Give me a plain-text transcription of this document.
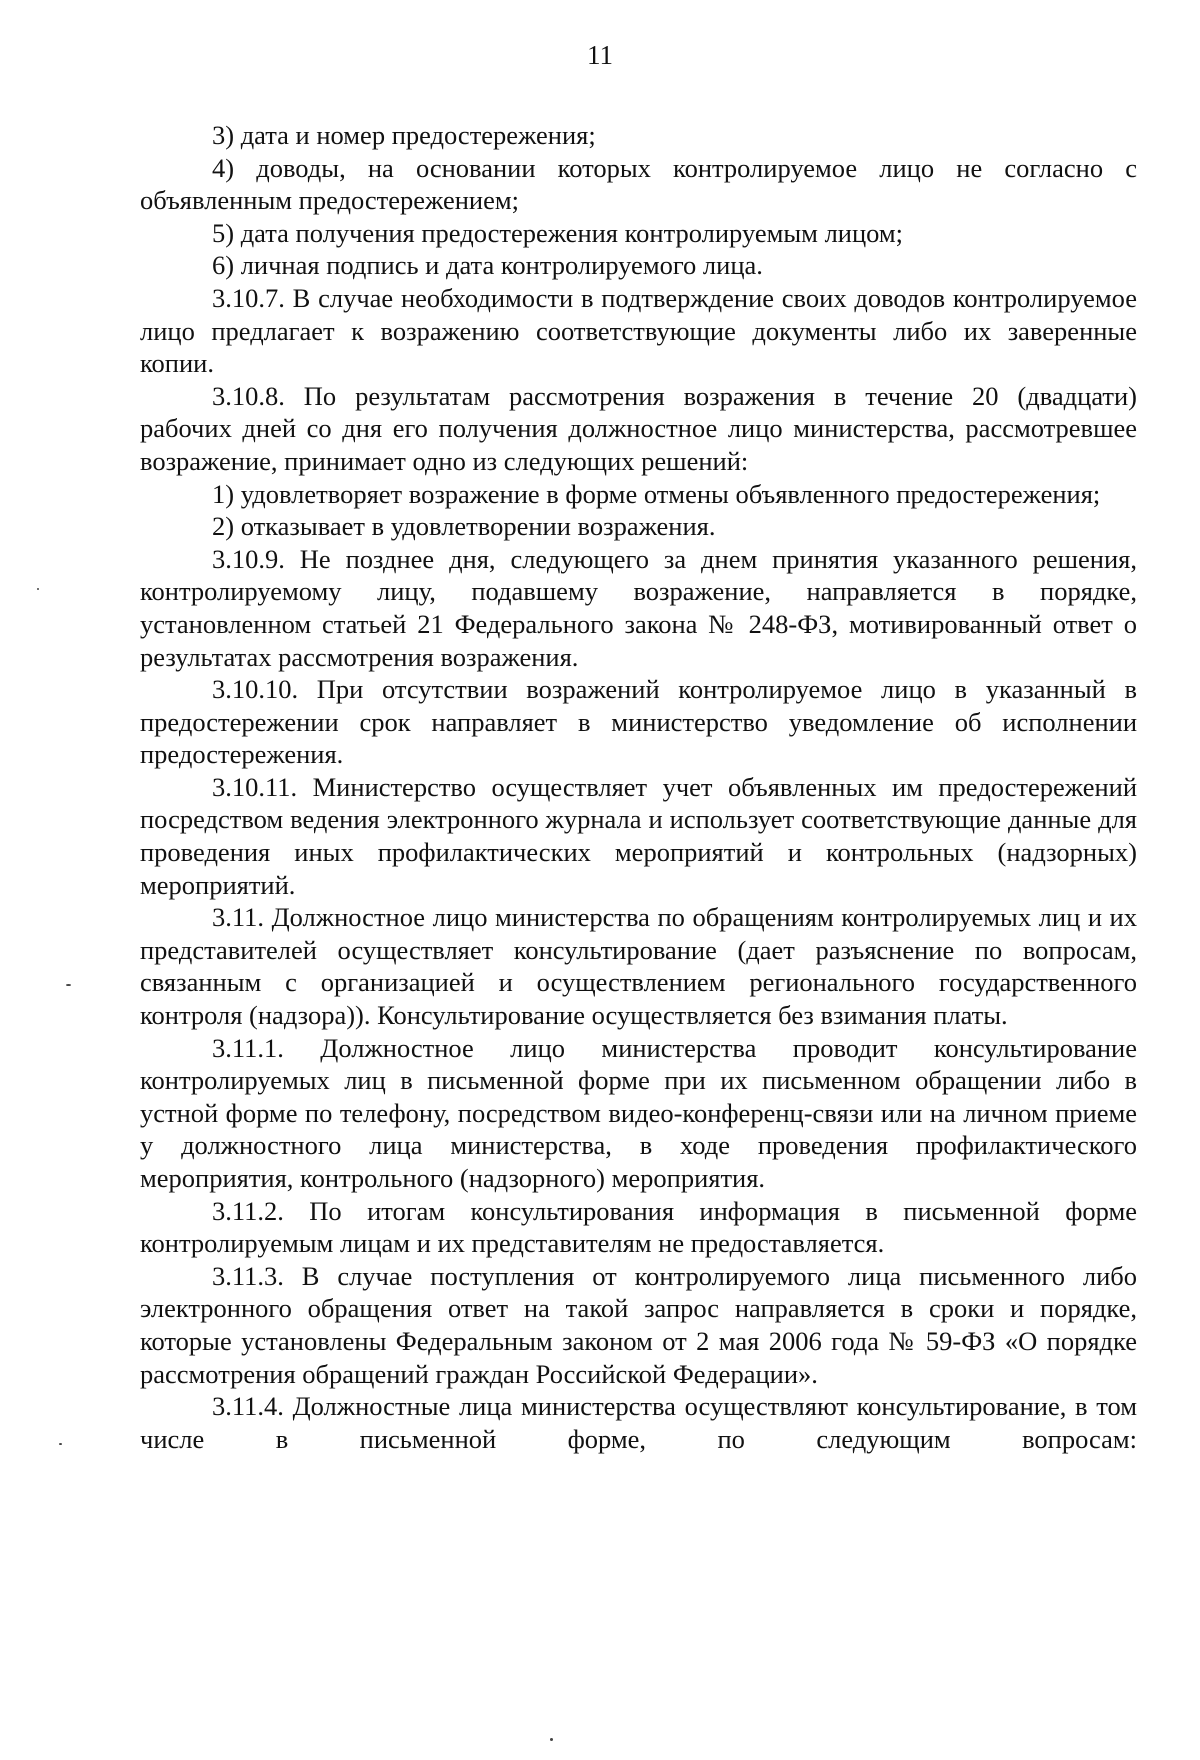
11

3) дата и номер предостережения;

4) доводы, на основании которых контролируемое лицо не согласно с объявленным предостережением;

5) дата получения предостережения контролируемым лицом;

6) личная подпись и дата контролируемого лица.

3.10.7. В случае необходимости в подтверждение своих доводов контролируемое лицо предлагает к возражению соответствующие документы либо их заверенные копии.

3.10.8. По результатам рассмотрения возражения в течение 20 (двадцати) рабочих дней со дня его получения должностное лицо министерства, рассмотревшее возражение, принимает одно из следующих решений:

1) удовлетворяет возражение в форме отмены объявленного предостережения;

2) отказывает в удовлетворении возражения.

3.10.9. Не позднее дня, следующего за днем принятия указанного решения, контролируемому лицу, подавшему возражение, направляется в порядке, установленном статьей 21 Федерального закона № 248-ФЗ, мотивированный ответ о результатах рассмотрения возражения.

3.10.10. При отсутствии возражений контролируемое лицо в указанный в предостережении срок направляет в министерство уведомление об исполнении предостережения.

3.10.11. Министерство осуществляет учет объявленных им предостережений посредством ведения электронного журнала и использует соответствующие данные для проведения иных профилактических мероприятий и контрольных (надзорных) мероприятий.

3.11. Должностное лицо министерства по обращениям контролируемых лиц и их представителей осуществляет консультирование (дает разъяснение по вопросам, связанным с организацией и осуществлением регионального государственного контроля (надзора)). Консультирование осуществляется без взимания платы.

3.11.1. Должностное лицо министерства проводит консультирование контролируемых лиц в письменной форме при их письменном обращении либо в устной форме по телефону, посредством видео-конференц-связи или на личном приеме у должностного лица министерства, в ходе проведения профилактического мероприятия, контрольного (надзорного) мероприятия.

3.11.2. По итогам консультирования информация в письменной форме контролируемым лицам и их представителям не предоставляется.

3.11.3. В случае поступления от контролируемого лица письменного либо электронного обращения ответ на такой запрос направляется в сроки и порядке, которые установлены Федеральным законом от 2 мая 2006 года № 59-ФЗ «О порядке рассмотрения обращений граждан Российской Федерации».

3.11.4. Должностные лица министерства осуществляют консультирование, в том числе в письменной форме, по следующим вопросам:
